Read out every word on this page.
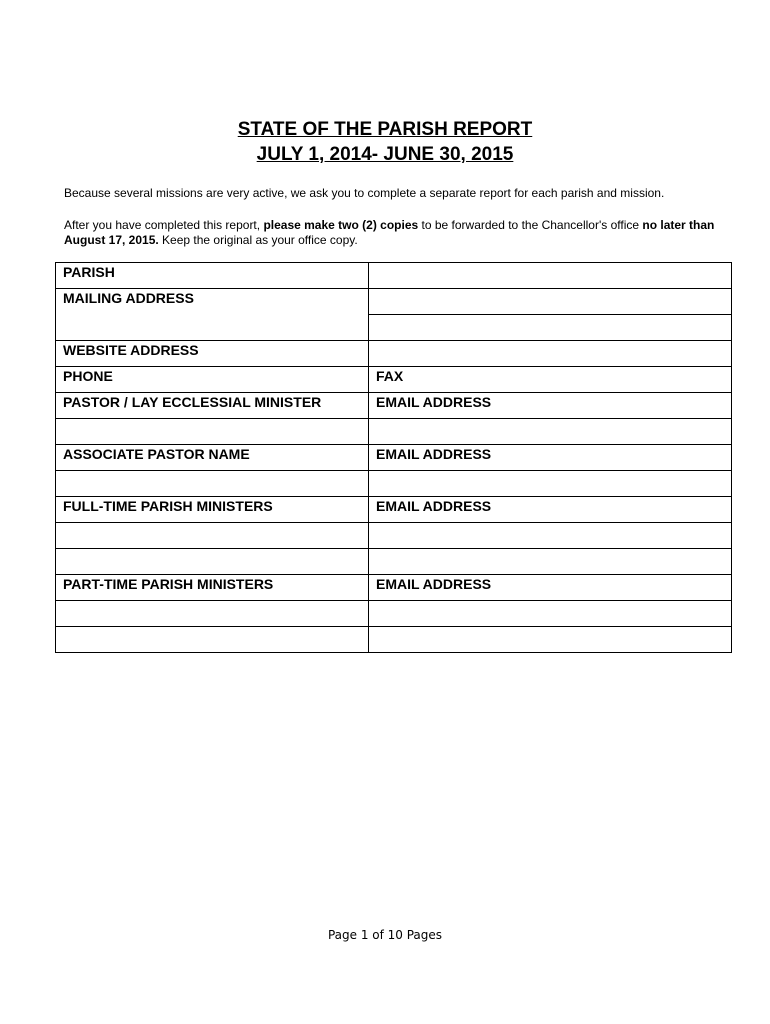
STATE OF THE PARISH REPORT
JULY 1, 2014- JUNE 30, 2015
Because several missions are very active, we ask you to complete a separate report for each parish and mission.
After you have completed this report, please make two (2) copies to be forwarded to the Chancellor's office no later than August 17, 2015. Keep the original as your office copy.
PARISH	
MAILING ADDRESS	

WEBSITE ADDRESS	
PHONE	FAX
PASTOR / LAY ECCLESSIAL MINISTER	EMAIL ADDRESS

ASSOCIATE PASTOR NAME	EMAIL ADDRESS

FULL-TIME PARISH MINISTERS	EMAIL ADDRESS

PART-TIME PARISH MINISTERS	EMAIL ADDRESS

Page 1 of 10 Pages
